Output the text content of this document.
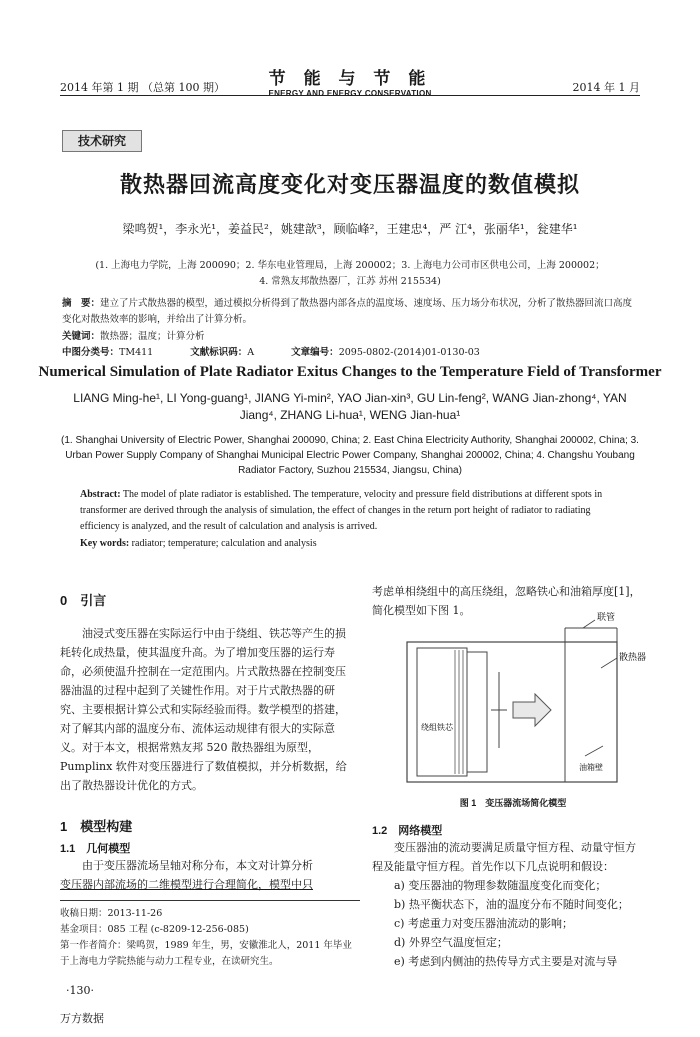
2014 年第 1 期 （总第 100 期）	节 能 与 节 能
ENERGY AND ENERGY CONSERVATION	2014 年 1 月
技术研究
散热器回流高度变化对变压器温度的数值模拟
梁鸣贺¹，李永光¹，姜益民²，姚建歆³，顾临峰²，王建忠⁴，严 江⁴，张丽华¹，瓮建华¹
(1. 上海电力学院，上海 200090；2. 华东电业管理局，上海 200002；3. 上海电力公司市区供电公司，上海 200002；
4. 常熟友邦散热器厂，江苏 苏州 215534)
摘　要：建立了片式散热器的模型，通过模拟分析得到了散热器内部各点的温度场、速度场、压力场分布状况，分析了散热器回流口高度变化对散热效率的影响，并给出了计算分析。
关键词：散热器；温度；计算分析
中图分类号：TM411	文献标识码：A	文章编号：2095-0802-(2014)01-0130-03
Numerical Simulation of Plate Radiator Exitus Changes to the Temperature Field of Transformer
LIANG Ming-he¹, LI Yong-guang¹, JIANG Yi-min², YAO Jian-xin³, GU Lin-feng², WANG Jian-zhong⁴, YAN Jiang⁴, ZHANG Li-hua¹, WENG Jian-hua¹
(1. Shanghai University of Electric Power, Shanghai 200090, China; 2. East China Electricity Authority, Shanghai 200002, China; 3. Urban Power Supply Company of Shanghai Municipal Electric Power Company, Shanghai 200002, China; 4. Changshu Youbang Radiator Factory, Suzhou 215534, Jiangsu, China)
Abstract: The model of plate radiator is established. The temperature, velocity and pressure field distributions at different spots in transformer are derived through the analysis of simulation, the effect of changes in the return port height of radiator to radiating efficiency is analyzed, and the result of calculation and analysis is arrived.
Key words: radiator; temperature; calculation and analysis
0　引言
油浸式变压器在实际运行中由于绕组、铁芯等产生的损耗转化成热量，使其温度升高。为了增加变压器的运行寿命，必须使温升控制在一定范围内。片式散热器在控制变压器油温的过程中起到了关键性作用。对于片式散热器的研究、主要根据计算公式和实际经验而得。数学模型的搭建，对了解其内部的温度分布、流体运动规律有很大的实际意义。对于本文，根据常熟友邦 520 散热器组为原型，Pumplinx 软件对变压器进行了数值模拟，并分析数据，给出了散热器设计优化的方式。
1　模型构建
1.1　几何模型
由于变压器流场呈轴对称分布，本文对计算分析
变压器内部流场的二维模型进行合理简化，模型中只
收稿日期：2013-11-26
基金项目：085 工程 (c-8209-12-256-085)
第一作者简介：梁鸣贺，1989 年生，男，安徽淮北人，2011 年毕业于上海电力学院热能与动力工程专业，在读研究生。
·130·
万方数据
考虑单相绕组中的高压绕组，忽略铁心和油箱厚度[1]，简化模型如下图 1。
联管
散热器
绕组铁芯
油箱壁
图 1　变压器流场简化模型
1.2　网络模型
变压器油的流动要满足质量守恒方程、动量守恒方程及能量守恒方程。首先作以下几点说明和假设：
a) 变压器油的物理参数随温度变化而变化；
b) 热平衡状态下，油的温度分布不随时间变化；
c) 考虑重力对变压器油流动的影响；
d) 外界空气温度恒定；
e) 考虑到内侧油的热传导方式主要是对流与导
